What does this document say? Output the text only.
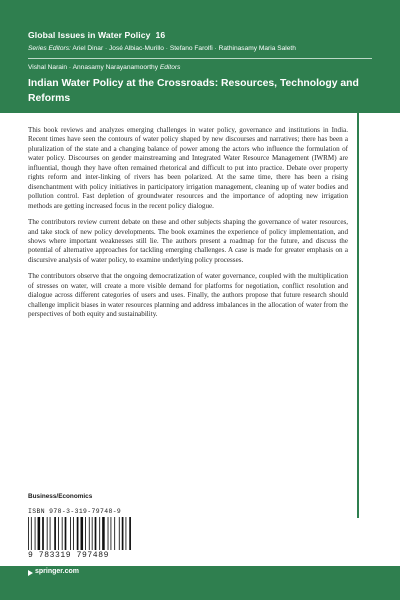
Global Issues in Water Policy 16
Series Editors: Ariel Dinar · José Albiac-Murillo · Stefano Farolfi · Rathinasamy Maria Saleth
Vishal Narain · Annasamy Narayanamoorthy Editors
Indian Water Policy at the Crossroads: Resources, Technology and Reforms

This book reviews and analyzes emerging challenges in water policy, governance and institutions in India. Recent times have seen the contours of water policy shaped by new discourses and narratives; there has been a pluralization of the state and a changing balance of power among the actors who influence the formulation of water policy. Discourses on gender mainstreaming and Integrated Water Resource Management (IWRM) are influential, though they have often remained rhetorical and difficult to put into practice. Debate over property rights reform and inter-linking of rivers has been polarized. At the same time, there has been a rising disenchantment with policy initiatives in participatory irrigation management, cleaning up of water bodies and pollution control. Fast depletion of groundwater resources and the importance of adopting new irrigation methods are getting increased focus in the recent policy dialogue.

The contributors review current debate on these and other subjects shaping the governance of water resources, and take stock of new policy developments. The book examines the experience of policy implementation, and shows where important weaknesses still lie. The authors present a roadmap for the future, and discuss the potential of alternative approaches for tackling emerging challenges. A case is made for greater emphasis on a discursive analysis of water policy, to examine underlying policy processes.

The contributors observe that the ongoing democratization of water governance, coupled with the multiplication of stresses on water, will create a more visible demand for platforms for negotiation, conflict resolution and dialogue across different categories of users and uses. Finally, the authors propose that future research should challenge implicit biases in water resources planning and address imbalances in the allocation of water from the perspectives of both equity and sustainability.

Business/Economics
ISBN 978-3-319-79748-9
9 783319 797489
springer.com
